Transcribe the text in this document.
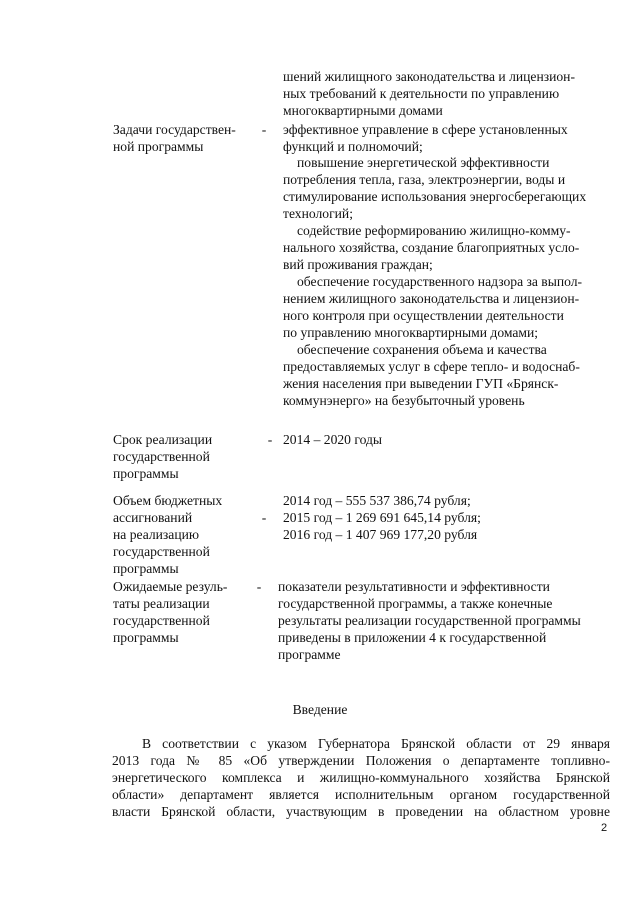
шений жилищного законодательства и лицензион-
ных требований к деятельности по управлению
многоквартирными домами
Задачи государствен-
ной программы
- эффективное управление в сфере установленных
функций и полномочий;
повышение энергетической эффективности
потребления тепла, газа, электроэнергии, воды и
стимулирование использования энергосберегающих
технологий;
содействие реформированию жилищно-комму-
нального хозяйства, создание благоприятных усло-
вий проживания граждан;
обеспечение государственного надзора за выпол-
нением жилищного законодательства и лицензион-
ного контроля при осуществлении деятельности
по управлению многоквартирными домами;
обеспечение сохранения объема и качества
предоставляемых услуг в сфере тепло- и водоснаб-
жения населения при выведении ГУП «Брянск-
коммунэнерго» на безубыточный уровень
Срок реализации
государственной
программы
- 2014 – 2020 годы
Объем бюджетных
ассигнований
на реализацию
государственной
программы
-
2014 год – 555 537 386,74 рубля;
2015 год – 1 269 691 645,14 рубля;
2016 год – 1 407 969 177,20 рубля
Ожидаемые резуль-
таты реализации
государственной
программы
- показатели результативности и эффективности
государственной программы, а также конечные
результаты реализации государственной программы
приведены в приложении 4 к государственной
программе
Введение
В соответствии с указом Губернатора Брянской области от 29 января
2013 года № 85 «Об утверждении Положения о департаменте топливно-
энергетического комплекса и жилищно-коммунального хозяйства Брянской
области» департамент является исполнительным органом государственной
власти Брянской области, участвующим в проведении на областном уровне
2
